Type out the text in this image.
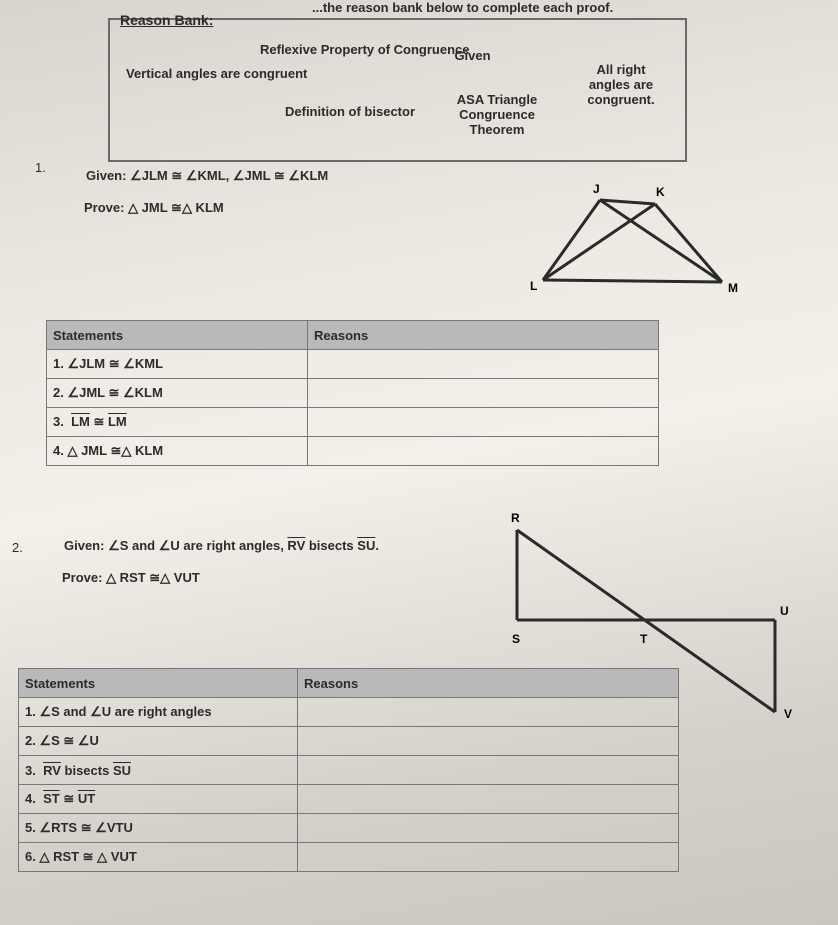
...the reason bank below to complete each proof.
Reason Bank:
Vertical angles are congruent
Reflexive Property of Congruence
Definition of bisector
Given
ASA Triangle Congruence Theorem
All right angles are congruent.
1.
Given: ∠JLM ≅ ∠KML, ∠JML ≅ ∠KLM
Prove: △ JML ≅△ KLM
Statements	Reasons
1. ∠JLM ≅ ∠KML	
2. ∠JML ≅ ∠KLM	
3.  $\overline{LM}$ ≅ $\overline{LM}$	
4. △ JML ≅△ KLM	
2.	Given: ∠S and ∠U are right angles, $\overline{RV}$ bisects $\overline{SU}$.
Prove: △ RST ≅△ VUT
Statements	Reasons
1. ∠S and ∠U are right angles	
2. ∠S ≅ ∠U	
3.  $\overline{RV}$ bisects $\overline{SU}$	
4.  $\overline{ST}$ ≅ $\overline{UT}$	
5. ∠RTS ≅ ∠VTU	
6. △ RST ≅ △ VUT	
J	K
L	M
R
S	T
U
V
